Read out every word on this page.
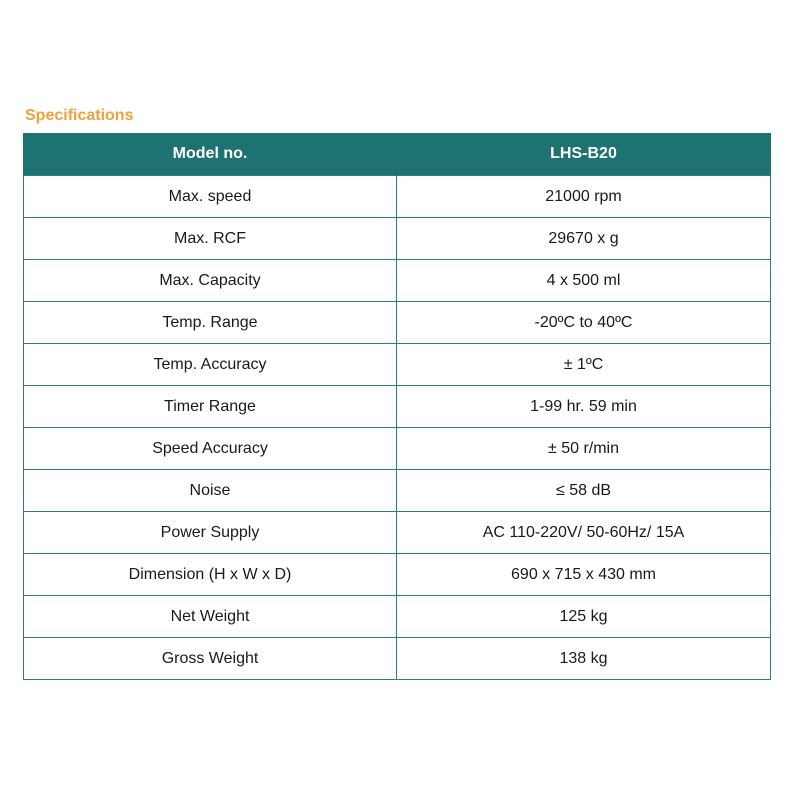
Specifications
Model no.	LHS-B20
Max. speed	21000 rpm
Max. RCF	29670 x g
Max. Capacity	4 x 500 ml
Temp. Range	-20ºC to 40ºC
Temp. Accuracy	± 1ºC
Timer Range	1-99 hr. 59 min
Speed Accuracy	± 50 r/min
Noise	≤ 58 dB
Power Supply	AC 110-220V/ 50-60Hz/ 15A
Dimension (H x W x D)	690 x 715 x 430 mm
Net Weight	125 kg
Gross Weight	138 kg
